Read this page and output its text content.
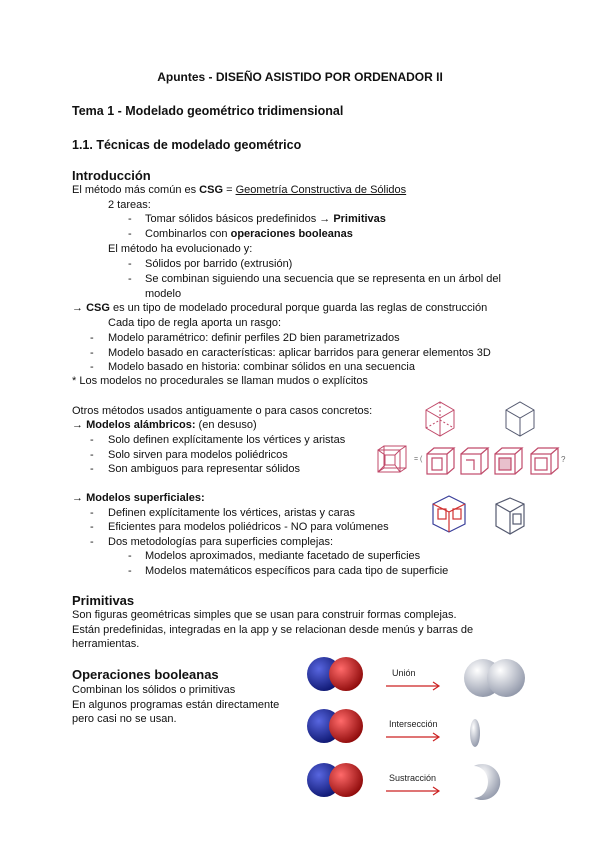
Apuntes - DISEÑO ASISTIDO POR ORDENADOR II
Tema 1 - Modelado geométrico tridimensional
1.1. Técnicas de modelado geométrico
Introducción
El método más común es CSG = Geometría Constructiva de Sólidos
2 tareas:
- Tomar sólidos básicos predefinidos → Primitivas
- Combinarlos con operaciones booleanas
El método ha evolucionado y:
- Sólidos por barrido (extrusión)
- Se combinan siguiendo una secuencia que se representa en un árbol del
modelo
→ CSG es un tipo de modelado procedural porque guarda las reglas de construcción
Cada tipo de regla aporta un rasgo:
- Modelo paramétrico: definir perfiles 2D bien parametrizados
- Modelo basado en características: aplicar barridos para generar elementos 3D
- Modelo basado en historia: combinar sólidos en una secuencia
* Los modelos no procedurales se llaman mudos o explícitos
Otros métodos usados antiguamente o para casos concretos:
→ Modelos alámbricos: (en desuso)
- Solo definen explícitamente los vértices y aristas
- Solo sirven para modelos poliédricos
- Son ambiguos para representar sólidos
→ Modelos superficiales:
- Definen explícitamente los vértices, aristas y caras
- Eficientes para modelos poliédricos - NO para volúmenes
- Dos metodologías para superficies complejas:
- Modelos aproximados, mediante facetado de superficies
- Modelos matemáticos específicos para cada tipo de superficie
Primitivas
Son figuras geométricas simples que se usan para construir formas complejas.
Están predefinidas, integradas en la app y se relacionan desde menús y barras de
herramientas.
Operaciones booleanas
Combinan los sólidos o primitivas
En algunos programas están directamente
pero casi no se usan.
= (	?
Unión
Intersección
Sustracción
